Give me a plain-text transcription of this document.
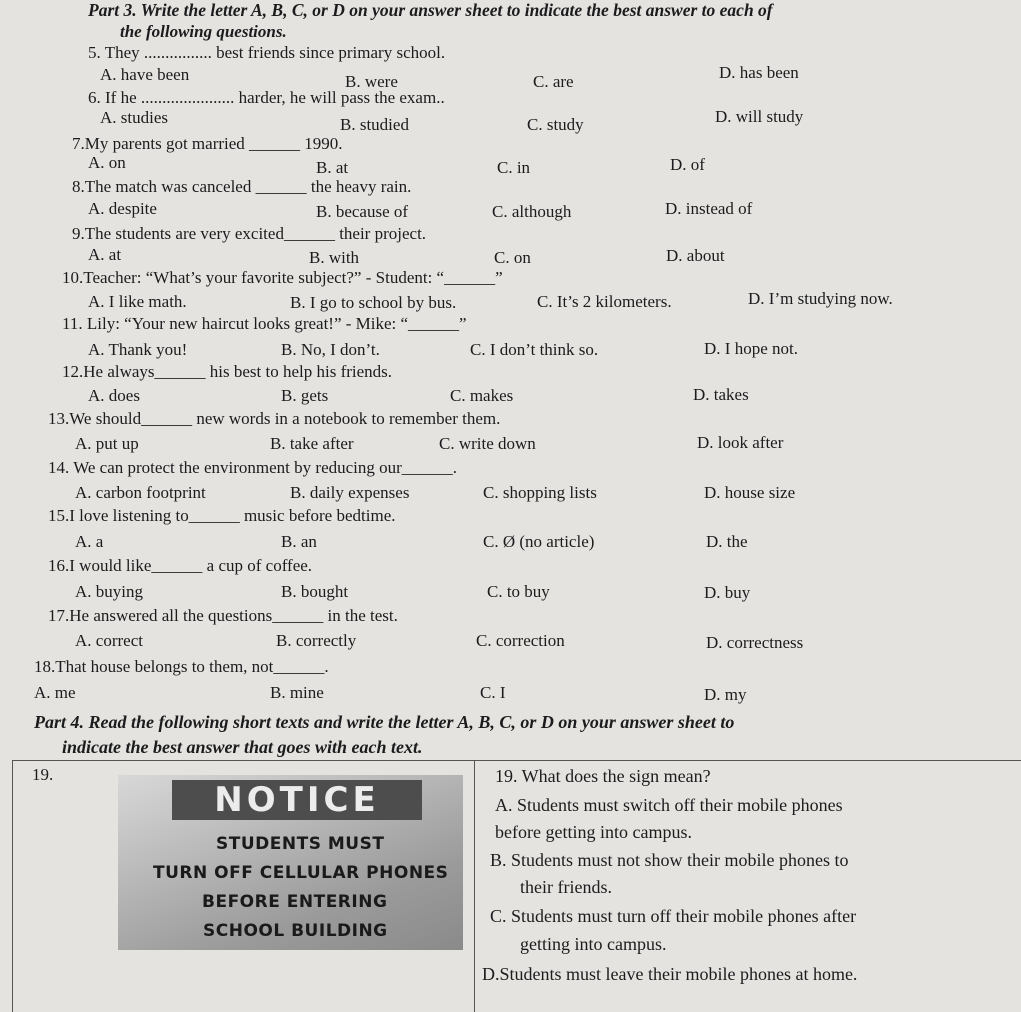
Part 3. Write the letter A, B, C, or D on your answer sheet to indicate the best answer to each of
the following questions.
5. They ................ best friends since primary school.
A. have been	B. were	C. are	D. has been
6. If he ...................... harder, he will pass the exam..
A. studies	B. studied	C. study	D. will study
7.My parents got married ______ 1990.
A. on	B. at	C. in	D. of
8.The match was canceled ______ the heavy rain.
A. despite	B. because of	C. although	D. instead of
9.The students are very excited______ their project.
A. at	B. with	C. on	D. about
10.Teacher: “What’s your favorite subject?” - Student: “______”
A. I like math.	B. I go to school by bus.	C. It’s 2 kilometers.	D. I’m studying now.
11. Lily: “Your new haircut looks great!” - Mike: “______”
A. Thank you!	B. No, I don’t.	C. I don’t think so.	D. I hope not.
12.He always______ his best to help his friends.
A. does	B. gets	C. makes	D. takes
13.We should______ new words in a notebook to remember them.
A. put up	B. take after	C. write down	D. look after
14. We can protect the environment by reducing our______.
A. carbon footprint	B. daily expenses	C. shopping lists	D. house size
15.I love listening to______ music before bedtime.
A. a	B. an	C. Ø (no article)	D. the
16.I would like______ a cup of coffee.
A. buying	B. bought	C. to buy	D. buy
17.He answered all the questions______ in the test.
A. correct	B. correctly	C. correction	D. correctness
18.That house belongs to them, not______.
A. me	B. mine	C. I	D. my
Part 4. Read the following short texts and write the letter A, B, C, or D on your answer sheet to
indicate the best answer that goes with each text.
19.
NOTICE
STUDENTS MUST
TURN OFF CELLULAR PHONES
BEFORE ENTERING
SCHOOL BUILDING
19. What does the sign mean?
A. Students must switch off their mobile phones
before getting into campus.
B. Students must not show their mobile phones to
their friends.
C. Students must turn off their mobile phones after
getting into campus.
D.Students must leave their mobile phones at home.
